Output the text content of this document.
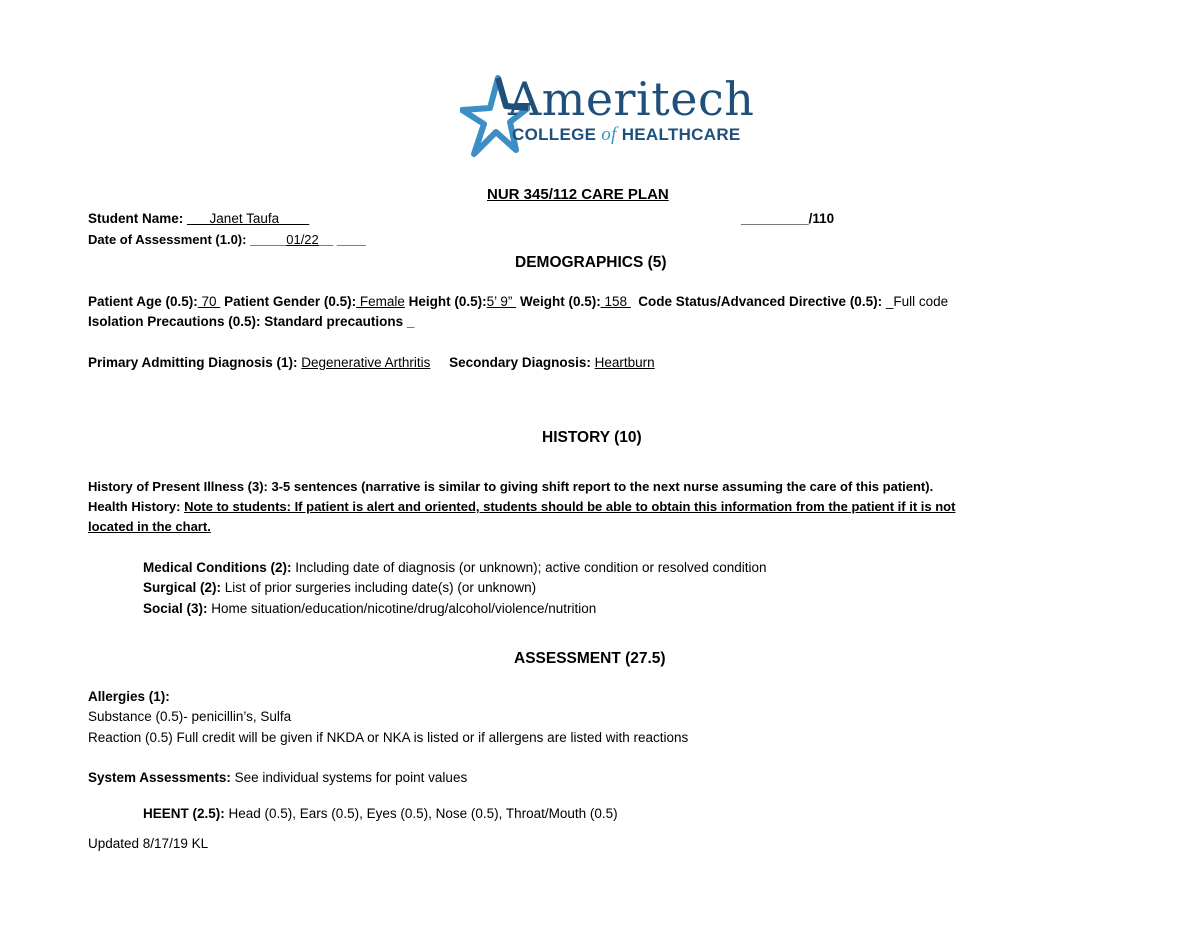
Ameritech
COLLEGE of HEALTHCARE
NUR 345/112 CARE PLAN
Student Name: ___Janet Taufa____	_________/110
Date of Assessment (1.0): _____01/22__ ____
DEMOGRAPHICS (5)
Patient Age (0.5): 70  Patient Gender (0.5): Female Height (0.5):5’ 9”  Weight (0.5): 158   Code Status/Advanced Directive (0.5): _Full code
Isolation Precautions (0.5): Standard precautions _
Primary Admitting Diagnosis (1): Degenerative Arthritis Secondary Diagnosis: Heartburn
HISTORY (10)
History of Present Illness (3): 3-5 sentences (narrative is similar to giving shift report to the next nurse assuming the care of this patient).
Health History: Note to students: If patient is alert and oriented, students should be able to obtain this information from the patient if it is not
located in the chart.
Medical Conditions (2): Including date of diagnosis (or unknown); active condition or resolved condition
Surgical (2): List of prior surgeries including date(s) (or unknown)
Social (3): Home situation/education/nicotine/drug/alcohol/violence/nutrition
ASSESSMENT (27.5)
Allergies (1):
Substance (0.5)- penicillin’s, Sulfa
Reaction (0.5) Full credit will be given if NKDA or NKA is listed or if allergens are listed with reactions
System Assessments: See individual systems for point values
HEENT (2.5): Head (0.5), Ears (0.5), Eyes (0.5), Nose (0.5), Throat/Mouth (0.5)
Updated 8/17/19 KL
